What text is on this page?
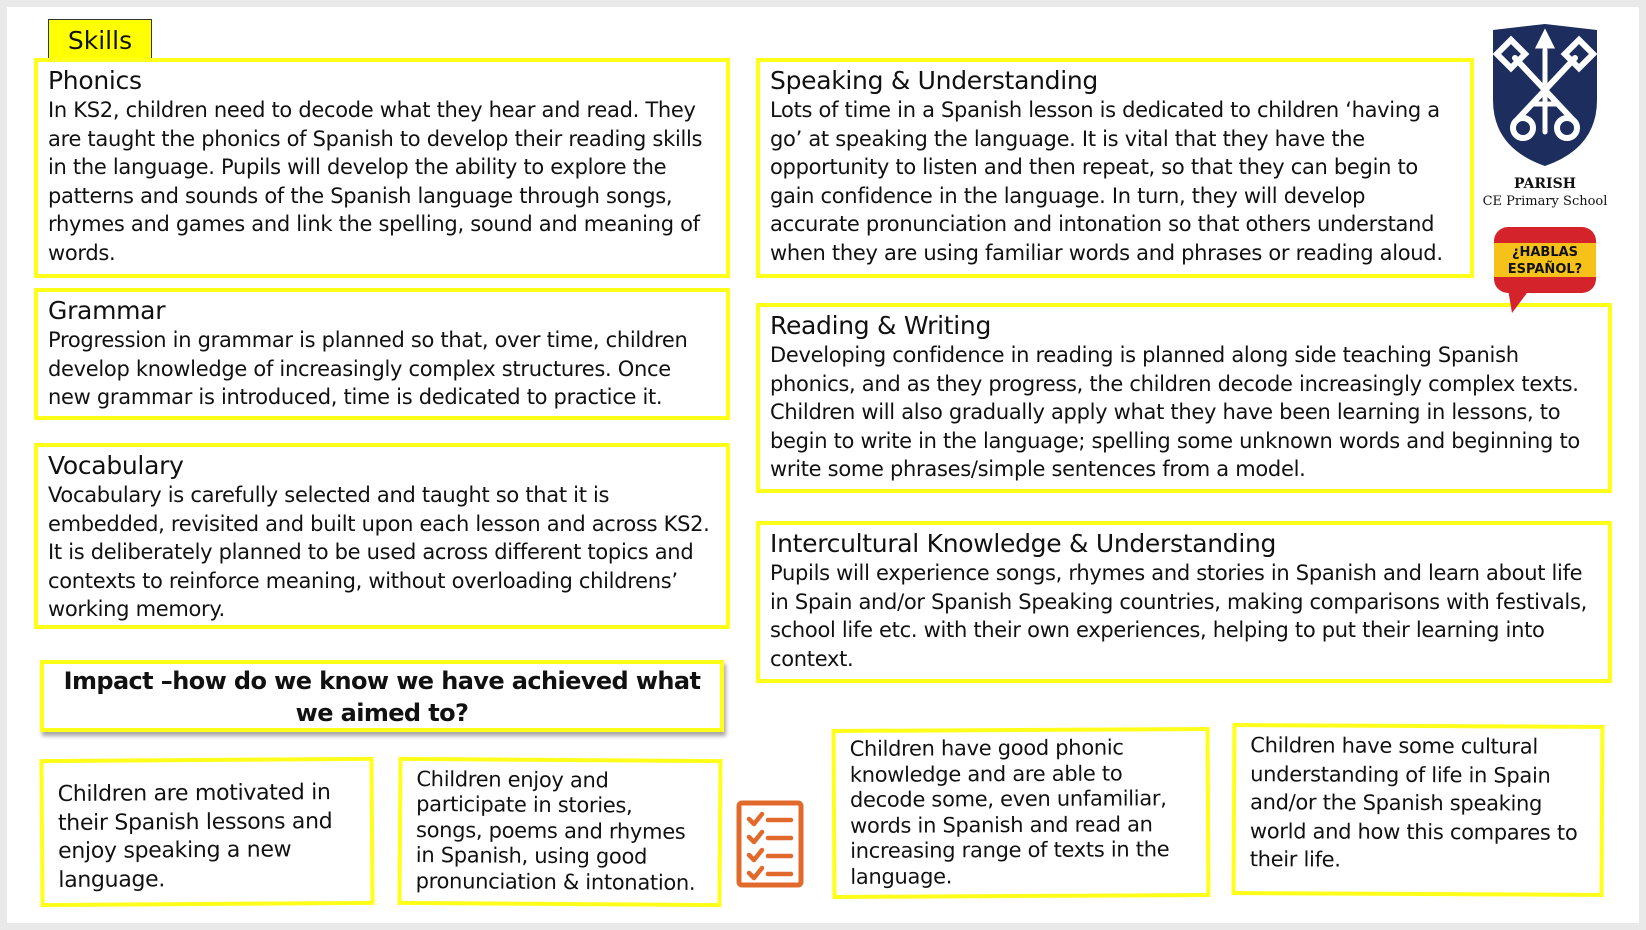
Skills
Phonics

In KS2, children need to decode what they hear and read. They are taught the phonics of Spanish to develop their reading skills in the language. Pupils will develop the ability to explore the patterns and sounds of the Spanish language through songs, rhymes and games and link the spelling, sound and meaning of words.

Grammar

Progression in grammar is planned so that, over time, children develop knowledge of increasingly complex structures. Once new grammar is introduced, time is dedicated to practice it.

Vocabulary

Vocabulary is carefully selected and taught so that it is embedded, revisited and built upon each lesson and across KS2. It is deliberately planned to be used across different topics and contexts to reinforce meaning, without overloading childrens’ working memory.

Speaking & Understanding

Lots of time in a Spanish lesson is dedicated to children ‘having a go’ at speaking the language. It is vital that they have the opportunity to listen and then repeat, so that they can begin to gain confidence in the language. In turn, they will develop accurate pronunciation and intonation so that others understand when they are using familiar words and phrases or reading aloud.

Reading & Writing

Developing confidence in reading is planned along side teaching Spanish phonics, and as they progress, the children decode increasingly complex texts. Children will also gradually apply what they have been learning in lessons, to begin to write in the language; spelling some unknown words and beginning to write some phrases/simple sentences from a model.

Intercultural Knowledge & Understanding

Pupils will experience songs, rhymes and stories in Spanish and learn about life in Spain and/or Spanish Speaking countries, making comparisons with festivals, school life etc. with their own experiences, helping to put their learning into context.

Impact –how do we know we have achieved what we aimed to?
Children are motivated in their Spanish lessons and enjoy speaking a new language.
Children enjoy and participate in stories, songs, poems and rhymes in Spanish, using good pronunciation & intonation.
Children have good phonic knowledge and are able to decode some, even unfamiliar, words in Spanish and read an increasing range of texts in the language.
Children have some cultural understanding of life in Spain and/or the Spanish speaking world and how this compares to their life.
PARISH
CE Primary School
¿HABLAS
ESPAÑOL?
